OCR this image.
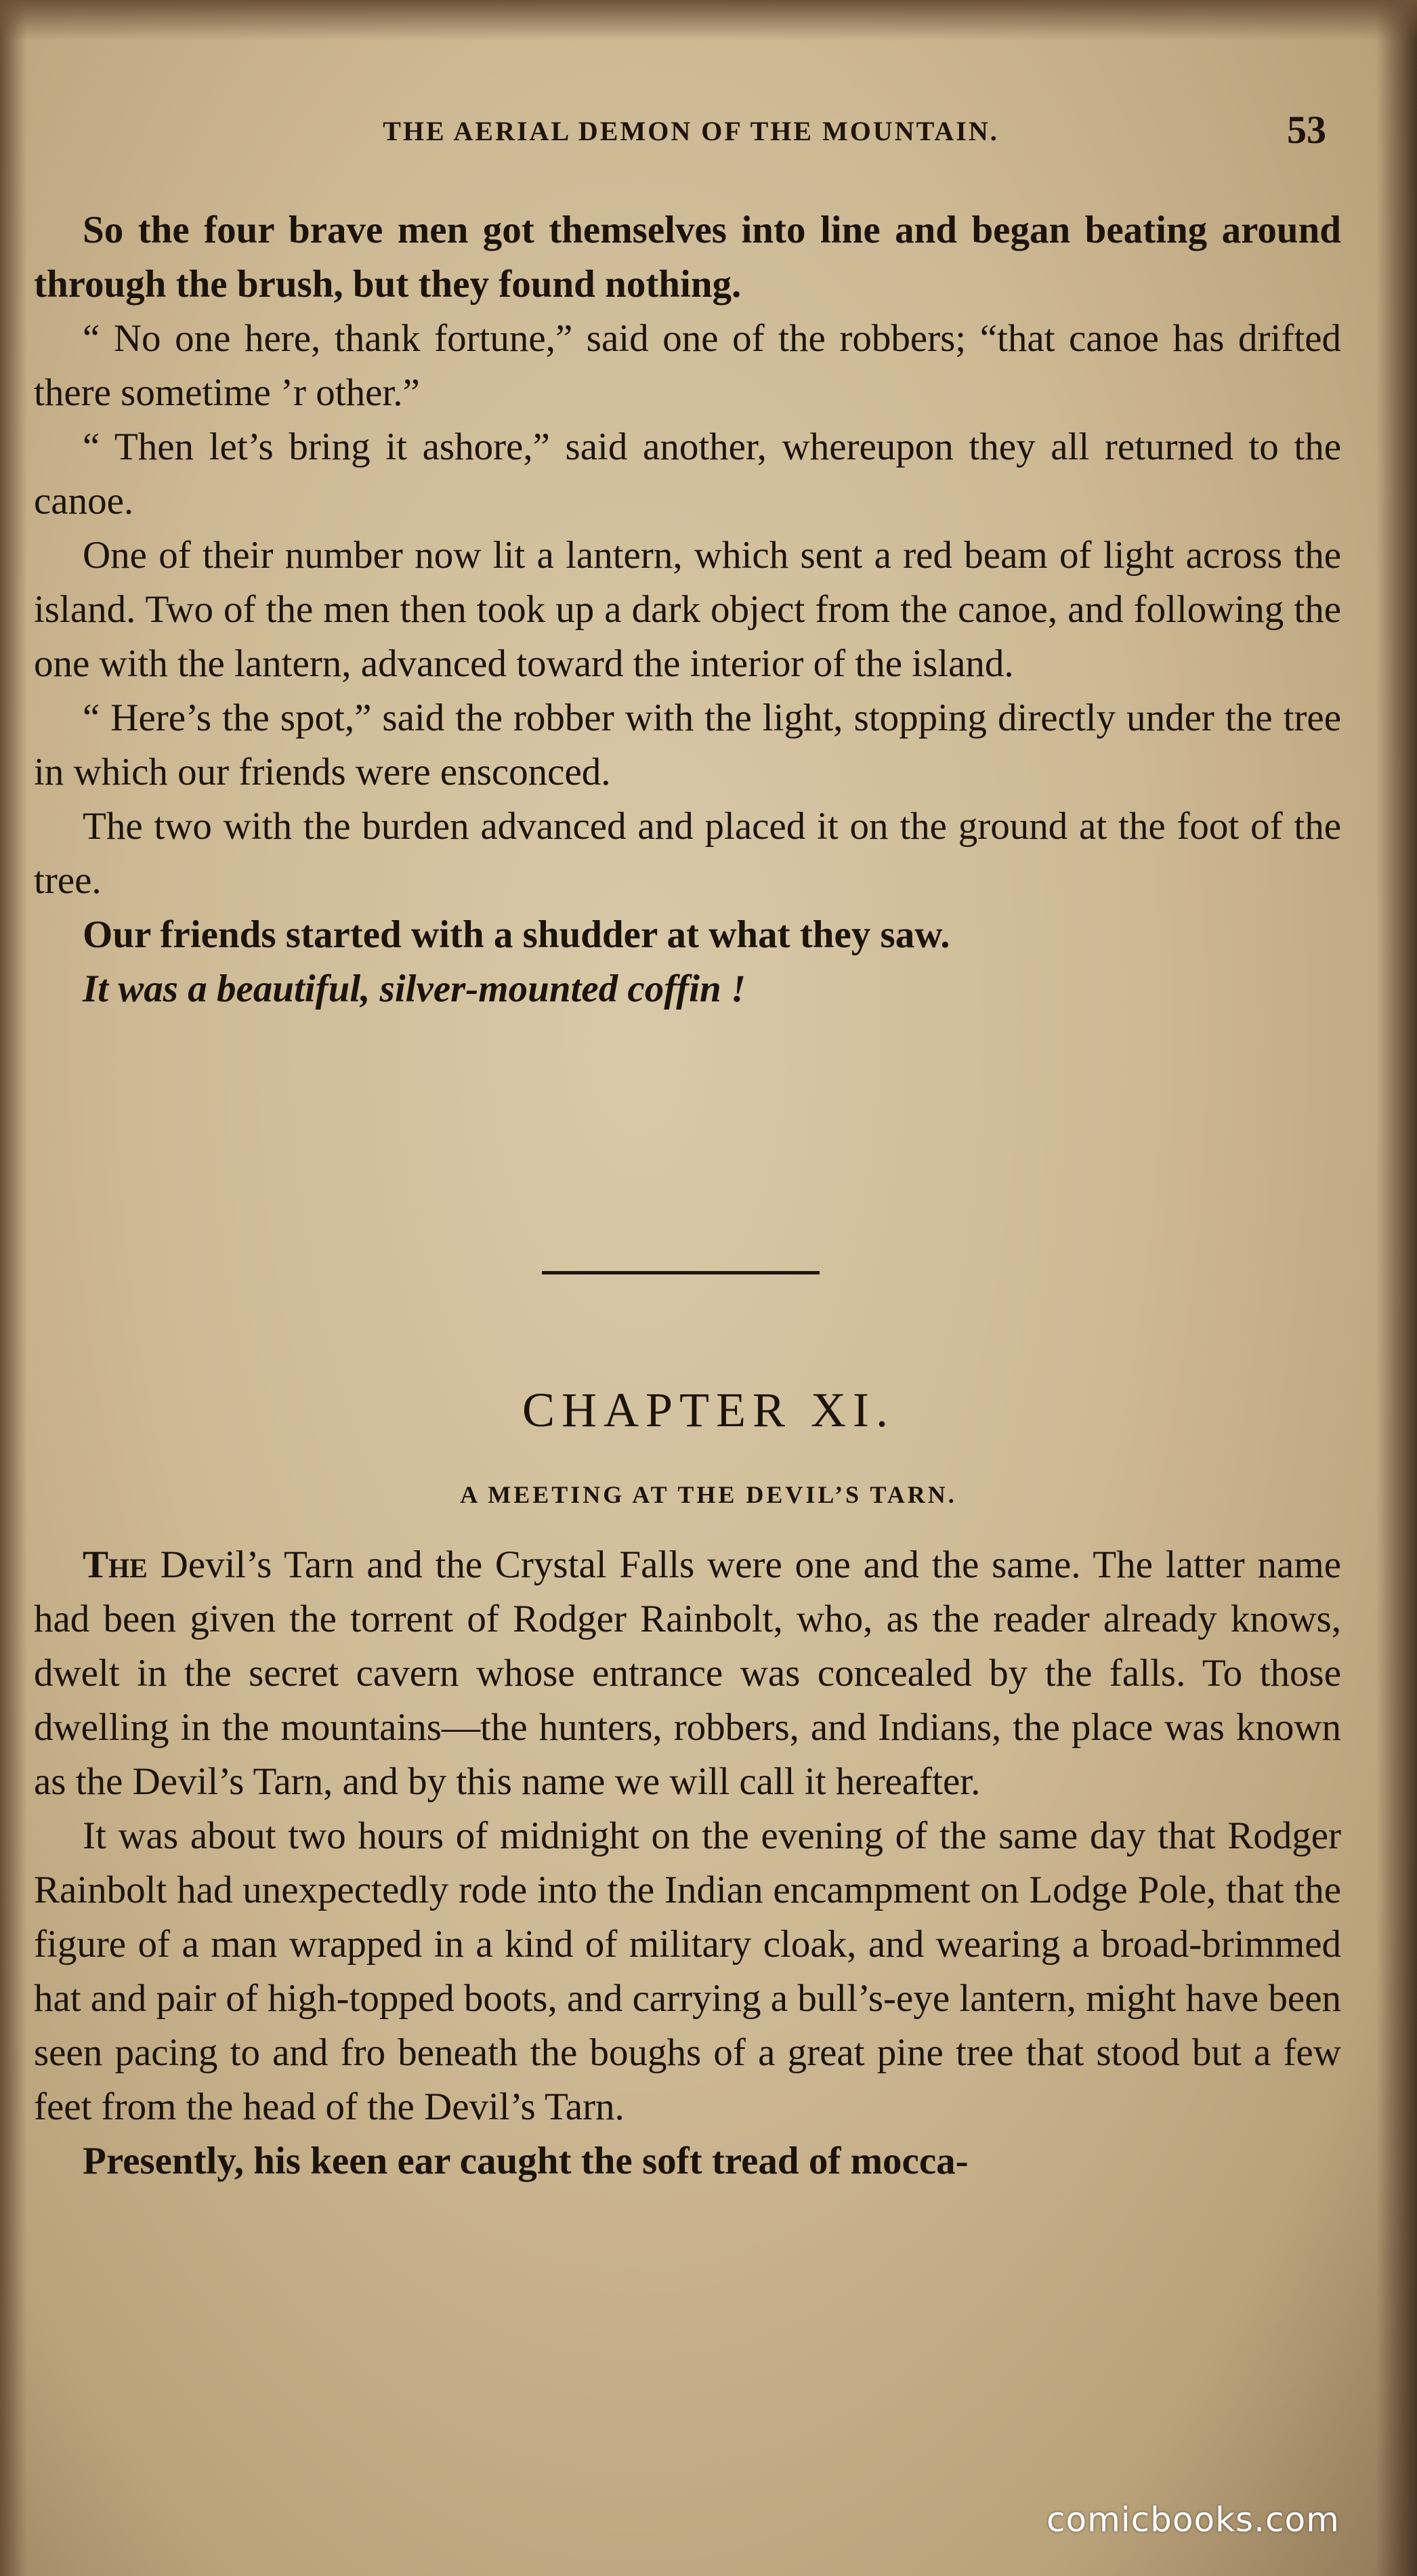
THE AERIAL DEMON OF THE MOUNTAIN.	53

So the four brave men got themselves into line and began beating around through the brush, but they found nothing.

“ No one here, thank fortune,” said one of the robbers; “that canoe has drifted there sometime ’r other.”

“ Then let’s bring it ashore,” said another, whereupon they all returned to the canoe.

One of their number now lit a lantern, which sent a red beam of light across the island. Two of the men then took up a dark object from the canoe, and following the one with the lantern, advanced toward the interior of the island.

“ Here’s the spot,” said the robber with the light, stopping directly under the tree in which our friends were ensconced.

The two with the burden advanced and placed it on the ground at the foot of the tree.

Our friends started with a shudder at what they saw.

It was a beautiful, silver-mounted coffin !

CHAPTER XI.
A MEETING AT THE DEVIL’S TARN.

The Devil’s Tarn and the Crystal Falls were one and the same. The latter name had been given the torrent of Rodger Rainbolt, who, as the reader already knows, dwelt in the secret cavern whose entrance was concealed by the falls. To those dwelling in the mountains—the hunters, robbers, and Indians, the place was known as the Devil’s Tarn, and by this name we will call it hereafter.

It was about two hours of midnight on the evening of the same day that Rodger Rainbolt had unexpectedly rode into the Indian encampment on Lodge Pole, that the figure of a man wrapped in a kind of military cloak, and wearing a broad-brimmed hat and pair of high-topped boots, and carrying a bull’s-eye lantern, might have been seen pacing to and fro beneath the boughs of a great pine tree that stood but a few feet from the head of the Devil’s Tarn.

Presently, his keen ear caught the soft tread of mocca-

comicbooks.com
